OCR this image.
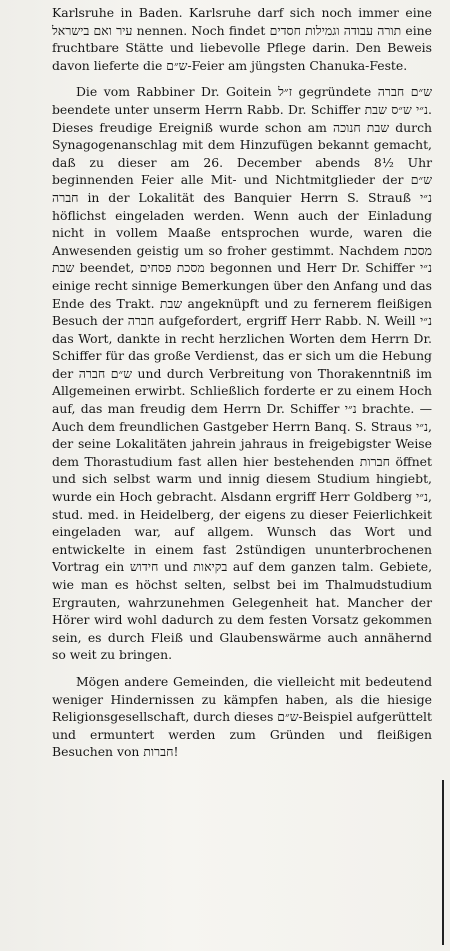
Karlsruhe in Baden. Karlsruhe darf sich noch immer eine עיר ואם בישראל nennen. Noch findet תורה עבודה וגמילות חסדים eine fruchtbare Stätte und liebevolle Pflege darin. Den Beweis davon lieferte die ש״ם-Feier am jüngsten Chanuka-Feste.

Die vom Rabbiner Dr. Goitein ז״ל gegründete ש״ם חברה beendete unter unserm Herrn Rabb. Dr. Schiffer נ״י ש״ס שבת. Dieses freudige Ereigniß wurde schon am שבת חנוכה durch Synagogenanschlag mit dem Hinzufügen bekannt gemacht, daß zu dieser am 26. December abends 8½ Uhr beginnenden Feier alle Mit- und Nichtmitglieder der ש״ם חברה in der Lokalität des Banquier Herrn S. Strauß נ״י höflichst eingeladen werden. Wenn auch der Einladung nicht in vollem Maaße entsprochen wurde, waren die Anwesenden geistig um so froher gestimmt. Nachdem מסכת שבת beendet, מסכת פסחים begonnen und Herr Dr. Schiffer נ״י einige recht sinnige Bemerkungen über den Anfang und das Ende des Trakt. שבת angeknüpft und zu fernerem fleißigen Besuch der חברה aufgefordert, ergriff Herr Rabb. N. Weill נ״י das Wort, dankte in recht herzlichen Worten dem Herrn Dr. Schiffer für das große Verdienst, das er sich um die Hebung der ש״ם חברה und durch Verbreitung von Thorakenntniß im Allgemeinen erwirbt. Schließlich forderte er zu einem Hoch auf, das man freudig dem Herrn Dr. Schiffer נ״י brachte. — Auch dem freundlichen Gastgeber Herrn Banq. S. Straus נ״י, der seine Lokalitäten jahrein jahraus in freigebigster Weise dem Thorastudium fast allen hier bestehenden חברות öffnet und sich selbst warm und innig diesem Studium hingiebt, wurde ein Hoch gebracht. Alsdann ergriff Herr Goldberg נ״י, stud. med. in Heidelberg, der eigens zu dieser Feierlichkeit eingeladen war, auf allgem. Wunsch das Wort und entwickelte in einem fast 2stündigen ununterbrochenen Vortrag ein חידוש und בקיאות auf dem ganzen talm. Gebiete, wie man es höchst selten, selbst bei im Thalmudstudium Ergrauten, wahrzunehmen Gelegenheit hat. Mancher der Hörer wird wohl dadurch zu dem festen Vorsatz gekommen sein, es durch Fleiß und Glaubenswärme auch annähernd so weit zu bringen.

Mögen andere Gemeinden, die vielleicht mit bedeutend weniger Hindernissen zu kämpfen haben, als die hiesige Religionsgesellschaft, durch dieses ש״ם-Beispiel aufgerüttelt und ermuntert werden zum Gründen und fleißigen Besuchen von חברות!
